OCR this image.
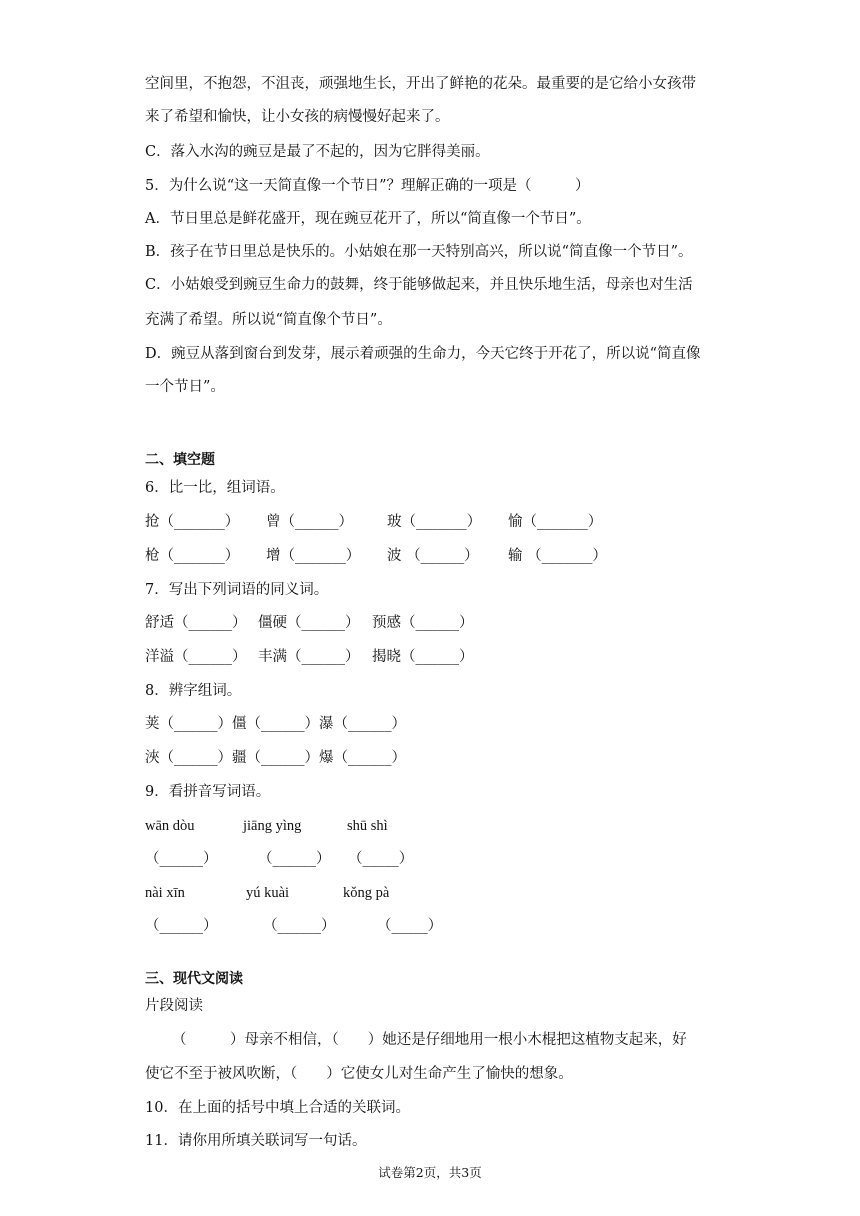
空间里，不抱怨，不沮丧，顽强地生长，开出了鲜艳的花朵。最重要的是它给小女孩带
来了希望和愉快，让小女孩的病慢慢好起来了。
C．落入水沟的豌豆是最了不起的，因为它胖得美丽。
5．为什么说“这一天简直像一个节日”？理解正确的一项是（　　　）
A．节日里总是鲜花盛开，现在豌豆花开了，所以“简直像一个节日”。
B．孩子在节日里总是快乐的。小姑娘在那一天特别高兴，所以说“简直像一个节日”。
C．小姑娘受到豌豆生命力的鼓舞，终于能够做起来，并且快乐地生活，母亲也对生活
充满了希望。所以说“简直像个节日”。
D．豌豆从落到窗台到发芽，展示着顽强的生命力，今天它终于开花了，所以说“简直像
一个节日”。
二、填空题
6．比一比，组词语。
抢（_______） 曾（______） 玻（_______） 愉（_______）
枪（_______） 增（_______） 波 （______） 输 （_______）
7．写出下列词语的同义词。
舒适（______） 僵硬（______） 预感（______）
洋溢（______） 丰满（______） 揭晓（______）
8．辨字组词。
荚（______）僵（______）瀑（______）
浹（______）疆（______）爆（______）
9．看拼音写词语。
wān dòu	jiāng yìng	shū shì
（______）	（______） （_____）
nài xīn	yú kuài	kǒng pà
（______）	（______）	（_____）
三、现代文阅读
片段阅读
（　　　）母亲不相信，（　　）她还是仔细地用一根小木棍把这植物支起来，好
使它不至于被风吹断，（　　）它使女儿对生命产生了愉快的想象。
10．在上面的括号中填上合适的关联词。
11．请你用所填关联词写一句话。
试卷第2页，共3页
